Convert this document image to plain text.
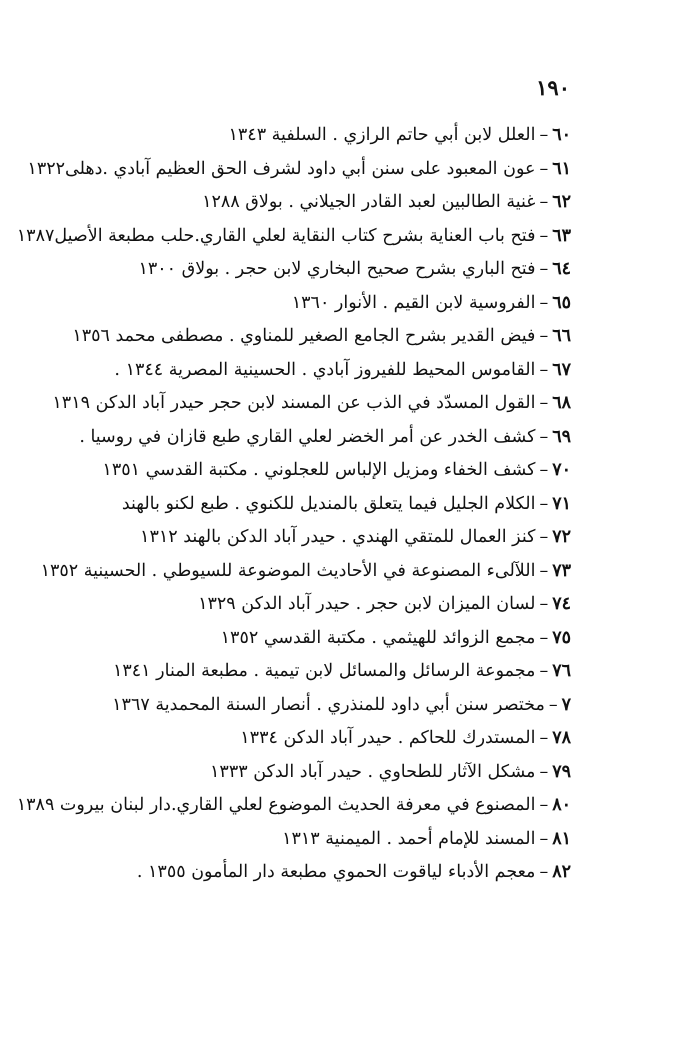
١٩٠
٦٠–العلل لابن أبي حاتم الرازي . السلفية ١٣٤٣
٦١–عون المعبود على سنن أبي داود لشرف الحق العظيم آبادي .دهلى١٣٢٢
٦٢–غنية الطالبين لعبد القادر الجيلاني . بولاق ١٢٨٨
٦٣–فتح باب العناية بشرح كتاب النقاية لعلي القاري.حلب مطبعة الأصيل١٣٨٧
٦٤–فتح الباري بشرح صحيح البخاري لابن حجر . بولاق ١٣٠٠
٦٥–الفروسية لابن القيم . الأنوار ١٣٦٠
٦٦–فيض القدير بشرح الجامع الصغير للمناوي . مصطفى محمد ١٣٥٦
٦٧–القاموس المحيط للفيروز آبادي . الحسينية المصرية ١٣٤٤ .
٦٨–القول المسدّد في الذب عن المسند لابن حجر حيدر آباد الدكن ١٣١٩
٦٩–كشف الخدر عن أمر الخضر لعلي القاري طبع قازان في روسيا .
٧٠–كشف الخفاء ومزيل الإلباس للعجلوني . مكتبة القدسي ١٣٥١
٧١–الكلام الجليل فيما يتعلق بالمنديل للكنوي . طبع لكنو بالهند
٧٢–كنز العمال للمتقي الهندي . حيدر آباد الدكن بالهند ١٣١٢
٧٣–اللآلىء المصنوعة في الأحاديث الموضوعة للسيوطي . الحسينية ١٣٥٢
٧٤–لسان الميزان لابن حجر . حيدر آباد الدكن ١٣٢٩
٧٥–مجمع الزوائد للهيثمي . مكتبة القدسي ١٣٥٢
٧٦–مجموعة الرسائل والمسائل لابن تيمية . مطبعة المنار ١٣٤١
٧–مختصر سنن أبي داود للمنذري . أنصار السنة المحمدية ١٣٦٧
٧٨–المستدرك للحاكم . حيدر آباد الدكن ١٣٣٤
٧٩–مشكل الآثار للطحاوي . حيدر آباد الدكن ١٣٣٣
٨٠–المصنوع في معرفة الحديث الموضوع لعلي القاري.دار لبنان بيروت ١٣٨٩
٨١–المسند للإمام أحمد . الميمنية ١٣١٣
٨٢–معجم الأدباء لياقوت الحموي مطبعة دار المأمون ١٣٥٥ .
